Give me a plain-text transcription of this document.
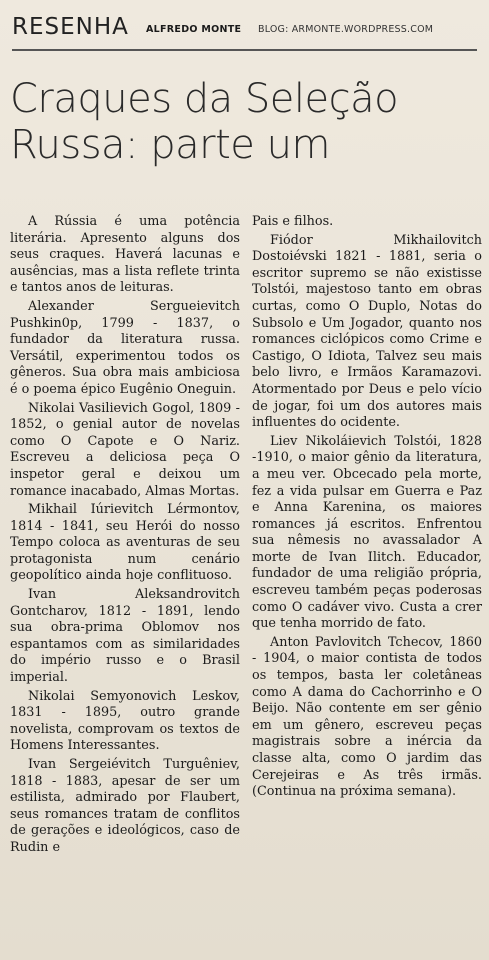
RESENHA	ALFREDO MONTE BLOG: ARMONTE.WORDPRESS.COM
Craques da Seleção Russa: parte um

A Rússia é uma potência literária. Apresento alguns dos seus craques. Haverá lacunas e ausências, mas a lista reflete trinta e tantos anos de leituras.

Alexander Sergueievitch Pushkin0p, 1799 - 1837, o fundador da literatura russa. Versátil, experimentou todos os gêneros. Sua obra mais ambiciosa é o poema épico Eugênio Oneguin.

Nikolai Vasilievich Gogol, 1809 - 1852, o genial autor de novelas como O Capote e O Nariz. Escreveu a deliciosa peça O inspetor geral e deixou um romance inacabado, Almas Mortas.

Mikhail Iúrievitch Lérmontov, 1814 - 1841, seu Herói do nosso Tempo coloca as aventuras de seu protagonista num cenário geopolítico ainda hoje conflituoso.

Ivan Aleksandrovitch Gontcharov, 1812 - 1891, lendo sua obra-prima Oblomov nos espantamos com as similaridades do império russo e o Brasil imperial.

Nikolai Semyonovich Leskov, 1831 - 1895, outro grande novelista, comprovam os textos de Homens Interessantes.

Ivan Sergeiévitch Turguêniev, 1818 - 1883, apesar de ser um estilista, admirado por Flaubert, seus romances tratam de conflitos de gerações e ideológicos, caso de Rudin e

Pais e filhos.

Fiódor Mikhailovitch Dostoiévski 1821 - 1881, seria o escritor supremo se não existisse Tolstói, majestoso tanto em obras curtas, como O Duplo, Notas do Subsolo e Um Jogador, quanto nos romances ciclópicos como Crime e Castigo, O Idiota, Talvez seu mais belo livro, e Irmãos Karamazovi. Atormentado por Deus e pelo vício de jogar, foi um dos autores mais influentes do ocidente.

Liev Nikoláievich Tolstói, 1828 -1910, o maior gênio da literatura, a meu ver. Obcecado pela morte, fez a vida pulsar em Guerra e Paz e Anna Karenina, os maiores romances já escritos. Enfrentou sua nêmesis no avassalador A morte de Ivan Ilitch. Educador, fundador de uma religião própria, escreveu também peças poderosas como O cadáver vivo. Custa a crer que tenha morrido de fato.

Anton Pavlovitch Tchecov, 1860 - 1904, o maior contista de todos os tempos, basta ler coletâneas como A dama do Cachorrinho e O Beijo. Não contente em ser gênio em um gênero, escreveu peças magistrais sobre a inércia da classe alta, como O jardim das Cerejeiras e As três irmãs. (Continua na próxima semana).
